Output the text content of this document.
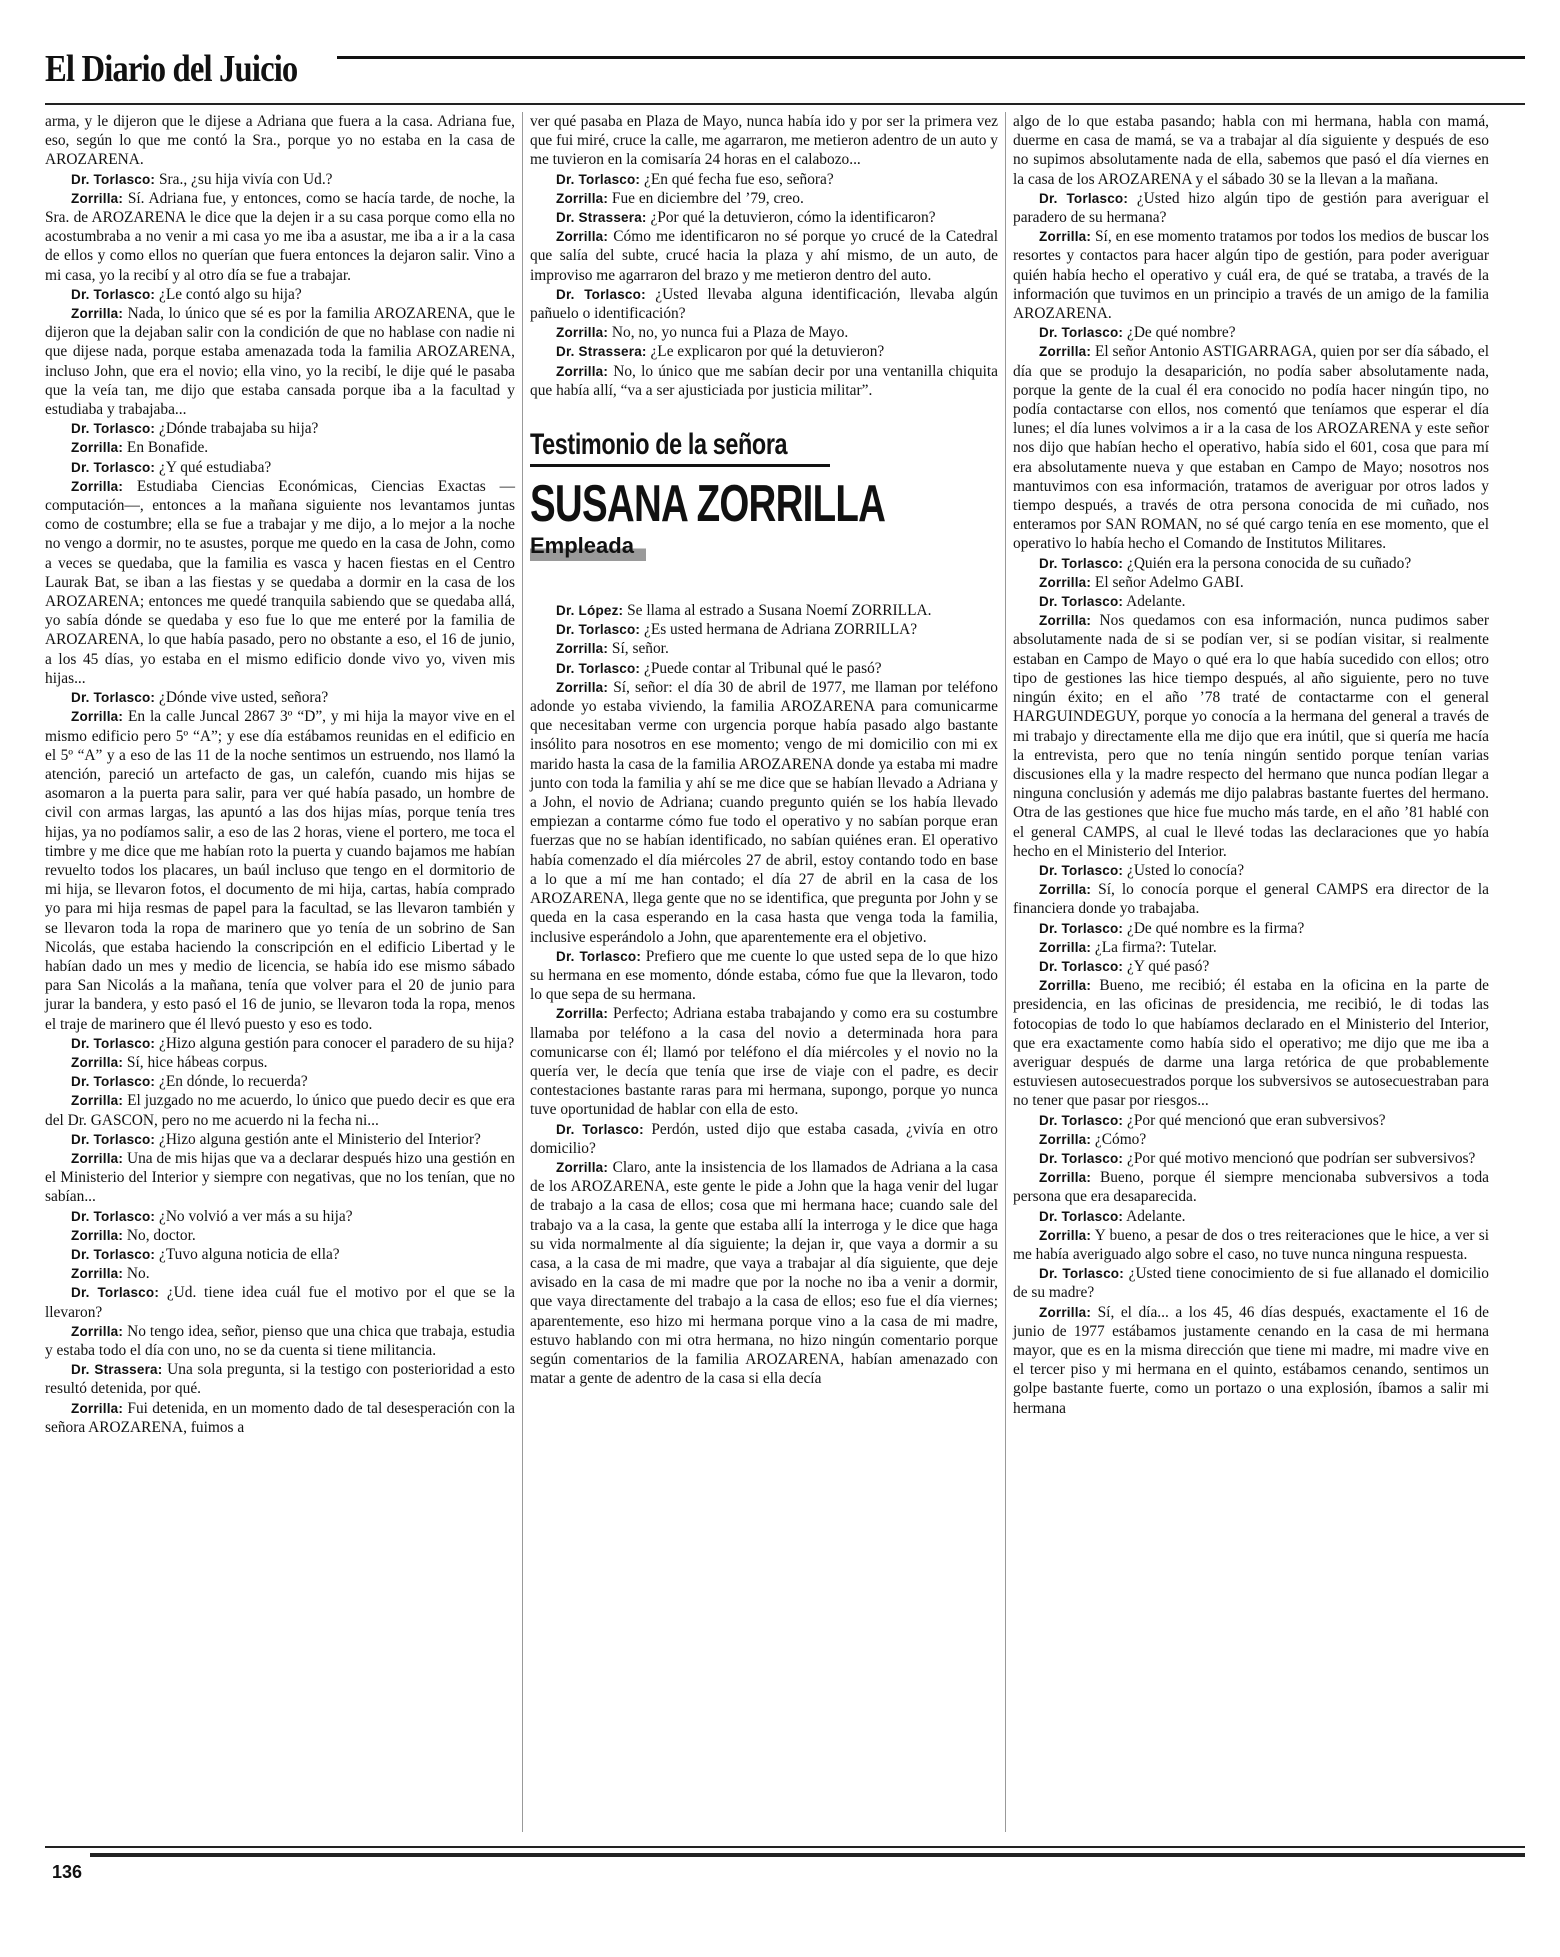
El Diario del Juicio

arma, y le dijeron que le dijese a Adriana que fuera a la casa. Adriana fue, eso, según lo que me contó la Sra., porque yo no estaba en la casa de AROZARENA.

Dr. Torlasco: Sra., ¿su hija vivía con Ud.?

Zorrilla: Sí. Adriana fue, y entonces, como se hacía tarde, de noche, la Sra. de AROZARENA le dice que la dejen ir a su casa porque como ella no acostumbraba a no venir a mi casa yo me iba a asustar, me iba a ir a la casa de ellos y como ellos no querían que fuera entonces la dejaron salir. Vino a mi casa, yo la recibí y al otro día se fue a trabajar.

Dr. Torlasco: ¿Le contó algo su hija?

Zorrilla: Nada, lo único que sé es por la familia AROZARENA, que le dijeron que la dejaban salir con la condición de que no hablase con nadie ni que dijese nada, porque estaba amenazada toda la familia AROZARENA, incluso John, que era el novio; ella vino, yo la recibí, le dije qué le pasaba que la veía tan, me dijo que estaba cansada porque iba a la facultad y estudiaba y trabajaba...

Dr. Torlasco: ¿Dónde trabajaba su hija?

Zorrilla: En Bonafide.

Dr. Torlasco: ¿Y qué estudiaba?

Zorrilla: Estudiaba Ciencias Económicas, Ciencias Exactas —computación—, entonces a la mañana siguiente nos levantamos juntas como de costumbre; ella se fue a trabajar y me dijo, a lo mejor a la noche no vengo a dormir, no te asustes, porque me quedo en la casa de John, como a veces se quedaba, que la familia es vasca y hacen fiestas en el Centro Laurak Bat, se iban a las fiestas y se quedaba a dormir en la casa de los AROZARENA; entonces me quedé tranquila sabiendo que se quedaba allá, yo sabía dónde se quedaba y eso fue lo que me enteré por la familia de AROZARENA, lo que había pasado, pero no obstante a eso, el 16 de junio, a los 45 días, yo estaba en el mismo edificio donde vivo yo, viven mis hijas...

Dr. Torlasco: ¿Dónde vive usted, señora?

Zorrilla: En la calle Juncal 2867 3º “D”, y mi hija la mayor vive en el mismo edificio pero 5º “A”; y ese día estábamos reunidas en el edificio en el 5º “A” y a eso de las 11 de la noche sentimos un estruendo, nos llamó la atención, pareció un artefacto de gas, un calefón, cuando mis hijas se asomaron a la puerta para salir, para ver qué había pasado, un hombre de civil con armas largas, las apuntó a las dos hijas mías, porque tenía tres hijas, ya no podíamos salir, a eso de las 2 horas, viene el portero, me toca el timbre y me dice que me habían roto la puerta y cuando bajamos me habían revuelto todos los placares, un baúl incluso que tengo en el dormitorio de mi hija, se llevaron fotos, el documento de mi hija, cartas, había comprado yo para mi hija resmas de papel para la facultad, se las llevaron también y se llevaron toda la ropa de marinero que yo tenía de un sobrino de San Nicolás, que estaba haciendo la conscripción en el edificio Libertad y le habían dado un mes y medio de licencia, se había ido ese mismo sábado para San Nicolás a la mañana, tenía que volver para el 20 de junio para jurar la bandera, y esto pasó el 16 de junio, se llevaron toda la ropa, menos el traje de marinero que él llevó puesto y eso es todo.

Dr. Torlasco: ¿Hizo alguna gestión para conocer el paradero de su hija?

Zorrilla: Sí, hice hábeas corpus.

Dr. Torlasco: ¿En dónde, lo recuerda?

Zorrilla: El juzgado no me acuerdo, lo único que puedo decir es que era del Dr. GASCON, pero no me acuerdo ni la fecha ni...

Dr. Torlasco: ¿Hizo alguna gestión ante el Ministerio del Interior?

Zorrilla: Una de mis hijas que va a declarar después hizo una gestión en el Ministerio del Interior y siempre con negativas, que no los tenían, que no sabían...

Dr. Torlasco: ¿No volvió a ver más a su hija?

Zorrilla: No, doctor.

Dr. Torlasco: ¿Tuvo alguna noticia de ella?

Zorrilla: No.

Dr. Torlasco: ¿Ud. tiene idea cuál fue el motivo por el que se la llevaron?

Zorrilla: No tengo idea, señor, pienso que una chica que trabaja, estudia y estaba todo el día con uno, no se da cuenta si tiene militancia.

Dr. Strassera: Una sola pregunta, si la testigo con posterioridad a esto resultó detenida, por qué.

Zorrilla: Fui detenida, en un momento dado de tal desesperación con la señora AROZARENA, fuimos a

ver qué pasaba en Plaza de Mayo, nunca había ido y por ser la primera vez que fui miré, cruce la calle, me agarraron, me metieron adentro de un auto y me tuvieron en la comisaría 24 horas en el calabozo...

Dr. Torlasco: ¿En qué fecha fue eso, señora?

Zorrilla: Fue en diciembre del ’79, creo.

Dr. Strassera: ¿Por qué la detuvieron, cómo la identificaron?

Zorrilla: Cómo me identificaron no sé porque yo crucé de la Catedral que salía del subte, crucé hacia la plaza y ahí mismo, de un auto, de improviso me agarraron del brazo y me metieron dentro del auto.

Dr. Torlasco: ¿Usted llevaba alguna identificación, llevaba algún pañuelo o identificación?

Zorrilla: No, no, yo nunca fui a Plaza de Mayo.

Dr. Strassera: ¿Le explicaron por qué la detuvieron?

Zorrilla: No, lo único que me sabían decir por una ventanilla chiquita que había allí, “va a ser ajusticiada por justicia militar”.

Testimonio de la señora
SUSANA ZORRILLA
Empleada

Dr. López: Se llama al estrado a Susana Noemí ZORRILLA.

Dr. Torlasco: ¿Es usted hermana de Adriana ZORRILLA?

Zorrilla: Sí, señor.

Dr. Torlasco: ¿Puede contar al Tribunal qué le pasó?

Zorrilla: Sí, señor: el día 30 de abril de 1977, me llaman por teléfono adonde yo estaba viviendo, la familia AROZARENA para comunicarme que necesitaban verme con urgencia porque había pasado algo bastante insólito para nosotros en ese momento; vengo de mi domicilio con mi ex marido hasta la casa de la familia AROZARENA donde ya estaba mi madre junto con toda la familia y ahí se me dice que se habían llevado a Adriana y a John, el novio de Adriana; cuando pregunto quién se los había llevado empiezan a contarme cómo fue todo el operativo y no sabían porque eran fuerzas que no se habían identificado, no sabían quiénes eran. El operativo había comenzado el día miércoles 27 de abril, estoy contando todo en base a lo que a mí me han contado; el día 27 de abril en la casa de los AROZARENA, llega gente que no se identifica, que pregunta por John y se queda en la casa esperando en la casa hasta que venga toda la familia, inclusive esperándolo a John, que aparentemente era el objetivo.

Dr. Torlasco: Prefiero que me cuente lo que usted sepa de lo que hizo su hermana en ese momento, dónde estaba, cómo fue que la llevaron, todo lo que sepa de su hermana.

Zorrilla: Perfecto; Adriana estaba trabajando y como era su costumbre llamaba por teléfono a la casa del novio a determinada hora para comunicarse con él; llamó por teléfono el día miércoles y el novio no la quería ver, le decía que tenía que irse de viaje con el padre, es decir contestaciones bastante raras para mi hermana, supongo, porque yo nunca tuve oportunidad de hablar con ella de esto.

Dr. Torlasco: Perdón, usted dijo que estaba casada, ¿vivía en otro domicilio?

Zorrilla: Claro, ante la insistencia de los llamados de Adriana a la casa de los AROZARENA, este gente le pide a John que la haga venir del lugar de trabajo a la casa de ellos; cosa que mi hermana hace; cuando sale del trabajo va a la casa, la gente que estaba allí la interroga y le dice que haga su vida normalmente al día siguiente; la dejan ir, que vaya a dormir a su casa, a la casa de mi madre, que vaya a trabajar al día siguiente, que deje avisado en la casa de mi madre que por la noche no iba a venir a dormir, que vaya directamente del trabajo a la casa de ellos; eso fue el día viernes; aparentemente, eso hizo mi hermana porque vino a la casa de mi madre, estuvo hablando con mi otra hermana, no hizo ningún comentario porque según comentarios de la familia AROZARENA, habían amenazado con matar a gente de adentro de la casa si ella decía

algo de lo que estaba pasando; habla con mi hermana, habla con mamá, duerme en casa de mamá, se va a trabajar al día siguiente y después de eso no supimos absolutamente nada de ella, sabemos que pasó el día viernes en la casa de los AROZARENA y el sábado 30 se la llevan a la mañana.

Dr. Torlasco: ¿Usted hizo algún tipo de gestión para averiguar el paradero de su hermana?

Zorrilla: Sí, en ese momento tratamos por todos los medios de buscar los resortes y contactos para hacer algún tipo de gestión, para poder averiguar quién había hecho el operativo y cuál era, de qué se trataba, a través de la información que tuvimos en un principio a través de un amigo de la familia AROZARENA.

Dr. Torlasco: ¿De qué nombre?

Zorrilla: El señor Antonio ASTIGARRAGA, quien por ser día sábado, el día que se produjo la desaparición, no podía saber absolutamente nada, porque la gente de la cual él era conocido no podía hacer ningún tipo, no podía contactarse con ellos, nos comentó que teníamos que esperar el día lunes; el día lunes volvimos a ir a la casa de los AROZARENA y este señor nos dijo que habían hecho el operativo, había sido el 601, cosa que para mí era absolutamente nueva y que estaban en Campo de Mayo; nosotros nos mantuvimos con esa información, tratamos de averiguar por otros lados y tiempo después, a través de otra persona conocida de mi cuñado, nos enteramos por SAN ROMAN, no sé qué cargo tenía en ese momento, que el operativo lo había hecho el Comando de Institutos Militares.

Dr. Torlasco: ¿Quién era la persona conocida de su cuñado?

Zorrilla: El señor Adelmo GABI.

Dr. Torlasco: Adelante.

Zorrilla: Nos quedamos con esa información, nunca pudimos saber absolutamente nada de si se podían ver, si se podían visitar, si realmente estaban en Campo de Mayo o qué era lo que había sucedido con ellos; otro tipo de gestiones las hice tiempo después, al año siguiente, pero no tuve ningún éxito; en el año ’78 traté de contactarme con el general HARGUINDEGUY, porque yo conocía a la hermana del general a través de mi trabajo y directamente ella me dijo que era inútil, que si quería me hacía la entrevista, pero que no tenía ningún sentido porque tenían varias discusiones ella y la madre respecto del hermano que nunca podían llegar a ninguna conclusión y además me dijo palabras bastante fuertes del hermano. Otra de las gestiones que hice fue mucho más tarde, en el año ’81 hablé con el general CAMPS, al cual le llevé todas las declaraciones que yo había hecho en el Ministerio del Interior.

Dr. Torlasco: ¿Usted lo conocía?

Zorrilla: Sí, lo conocía porque el general CAMPS era director de la financiera donde yo trabajaba.

Dr. Torlasco: ¿De qué nombre es la firma?

Zorrilla: ¿La firma?: Tutelar.

Dr. Torlasco: ¿Y qué pasó?

Zorrilla: Bueno, me recibió; él estaba en la oficina en la parte de presidencia, en las oficinas de presidencia, me recibió, le di todas las fotocopias de todo lo que habíamos declarado en el Ministerio del Interior, que era exactamente como había sido el operativo; me dijo que me iba a averiguar después de darme una larga retórica de que probablemente estuviesen autosecuestrados porque los subversivos se autosecuestraban para no tener que pasar por riesgos...

Dr. Torlasco: ¿Por qué mencionó que eran subversivos?

Zorrilla: ¿Cómo?

Dr. Torlasco: ¿Por qué motivo mencionó que podrían ser subversivos?

Zorrilla: Bueno, porque él siempre mencionaba subversivos a toda persona que era desaparecida.

Dr. Torlasco: Adelante.

Zorrilla: Y bueno, a pesar de dos o tres reiteraciones que le hice, a ver si me había averiguado algo sobre el caso, no tuve nunca ninguna respuesta.

Dr. Torlasco: ¿Usted tiene conocimiento de si fue allanado el domicilio de su madre?

Zorrilla: Sí, el día... a los 45, 46 días después, exactamente el 16 de junio de 1977 estábamos justamente cenando en la casa de mi hermana mayor, que es en la misma dirección que tiene mi madre, mi madre vive en el tercer piso y mi hermana en el quinto, estábamos cenando, sentimos un golpe bastante fuerte, como un portazo o una explosión, íbamos a salir mi hermana

136
